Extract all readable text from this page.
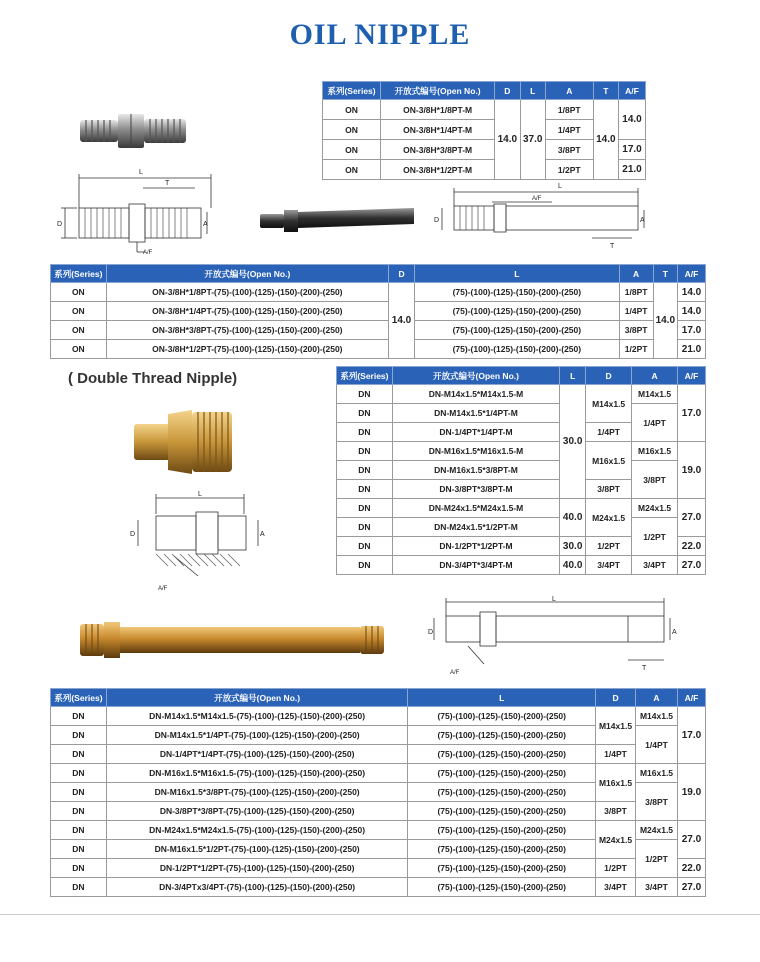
OIL NIPPLE
L
T
D	A
A/F
L
A/F
D	A
T
系列(Series)	开放式编号(Open No.)	D	L	A	T	A/F
ON	ON-3/8H*1/8PT-M	14.0	37.0	1/8PT	14.0	14.0
ON	ON-3/8H*1/4PT-M			1/4PT		
ON	ON-3/8H*3/8PT-M			3/8PT		17.0
ON	ON-3/8H*1/2PT-M			1/2PT		21.0
系列(Series)	开放式编号(Open No.)	D	L	A	T	A/F
ON	ON-3/8H*1/8PT-(75)-(100)-(125)-(150)-(200)-(250)	14.0	(75)-(100)-(125)-(150)-(200)-(250)	1/8PT	14.0	14.0
ON	ON-3/8H*1/4PT-(75)-(100)-(125)-(150)-(200)-(250)		(75)-(100)-(125)-(150)-(200)-(250)	1/4PT		14.0
ON	ON-3/8H*3/8PT-(75)-(100)-(125)-(150)-(200)-(250)		(75)-(100)-(125)-(150)-(200)-(250)	3/8PT		17.0
ON	ON-3/8H*1/2PT-(75)-(100)-(125)-(150)-(200)-(250)		(75)-(100)-(125)-(150)-(200)-(250)	1/2PT		21.0
( Double Thread Nipple)
L
D	A
A/F
系列(Series)	开放式编号(Open No.)	L	D	A	A/F
DN	DN-M14x1.5*M14x1.5-M	30.0	M14x1.5	M14x1.5	17.0
DN	DN-M14x1.5*1/4PT-M			1/4PT	
DN	DN-1/4PT*1/4PT-M		1/4PT		
DN	DN-M16x1.5*M16x1.5-M		M16x1.5	M16x1.5	19.0
DN	DN-M16x1.5*3/8PT-M			3/8PT	
DN	DN-3/8PT*3/8PT-M		3/8PT		
DN	DN-M24x1.5*M24x1.5-M	40.0	M24x1.5	M24x1.5	27.0
DN	DN-M24x1.5*1/2PT-M			1/2PT	
DN	DN-1/2PT*1/2PT-M	30.0	1/2PT		22.0
DN	DN-3/4PT*3/4PT-M	40.0	3/4PT	3/4PT	27.0
L
D	A
T
A/F
系列(Series)	开放式编号(Open No.)	L	D	A	A/F
DN	DN-M14x1.5*M14x1.5-(75)-(100)-(125)-(150)-(200)-(250)	(75)-(100)-(125)-(150)-(200)-(250)	M14x1.5	M14x1.5	17.0
DN	DN-M14x1.5*1/4PT-(75)-(100)-(125)-(150)-(200)-(250)	(75)-(100)-(125)-(150)-(200)-(250)		1/4PT	
DN	DN-1/4PT*1/4PT-(75)-(100)-(125)-(150)-(200)-(250)	(75)-(100)-(125)-(150)-(200)-(250)	1/4PT		
DN	DN-M16x1.5*M16x1.5-(75)-(100)-(125)-(150)-(200)-(250)	(75)-(100)-(125)-(150)-(200)-(250)	M16x1.5	M16x1.5	19.0
DN	DN-M16x1.5*3/8PT-(75)-(100)-(125)-(150)-(200)-(250)	(75)-(100)-(125)-(150)-(200)-(250)		3/8PT	
DN	DN-3/8PT*3/8PT-(75)-(100)-(125)-(150)-(200)-(250)	(75)-(100)-(125)-(150)-(200)-(250)	3/8PT		
DN	DN-M24x1.5*M24x1.5-(75)-(100)-(125)-(150)-(200)-(250)	(75)-(100)-(125)-(150)-(200)-(250)	M24x1.5	M24x1.5	27.0
DN	DN-M16x1.5*1/2PT-(75)-(100)-(125)-(150)-(200)-(250)	(75)-(100)-(125)-(150)-(200)-(250)		1/2PT	
DN	DN-1/2PT*1/2PT-(75)-(100)-(125)-(150)-(200)-(250)	(75)-(100)-(125)-(150)-(200)-(250)	1/2PT		22.0
DN	DN-3/4PTx3/4PT-(75)-(100)-(125)-(150)-(200)-(250)	(75)-(100)-(125)-(150)-(200)-(250)	3/4PT	3/4PT	27.0
